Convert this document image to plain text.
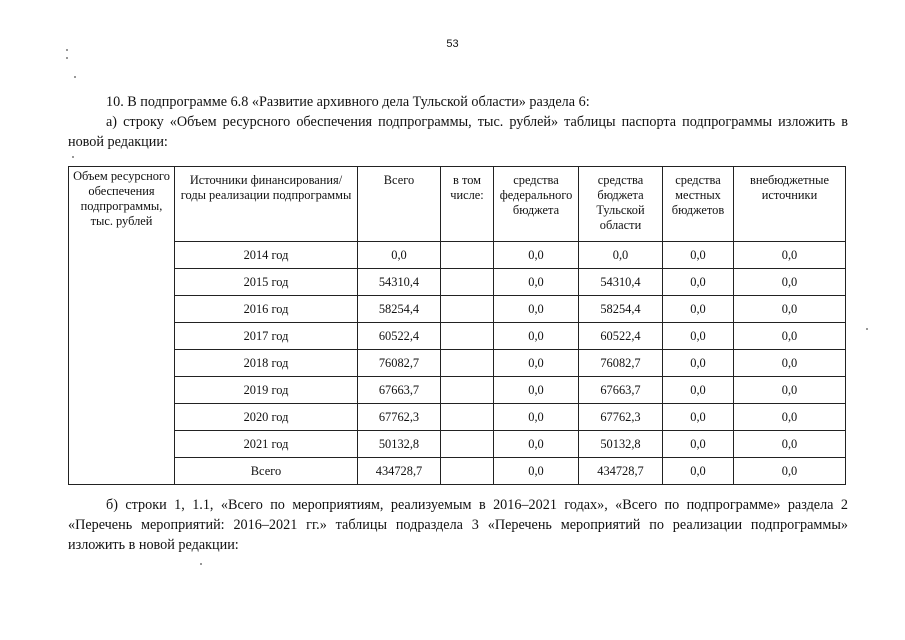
53

10. В подпрограмме 6.8 «Развитие архивного дела Тульской области» раздела 6:

а) строку «Объем ресурсного обеспечения подпрограммы, тыс. рублей» таблицы паспорта подпрограммы изложить в новой редакции:

Объем ресурсного обеспечения подпрограммы, тыс. рублей	Источники финансирования/годы реализации подпрограммы	Всего	в том числе:	средства федерального бюджета	средства бюджета Тульской области	средства местных бюджетов	внебюджетные источники
	2014 год	0,0		0,0	0,0	0,0	0,0
	2015 год	54310,4		0,0	54310,4	0,0	0,0
	2016 год	58254,4		0,0	58254,4	0,0	0,0
	2017 год	60522,4		0,0	60522,4	0,0	0,0
	2018 год	76082,7		0,0	76082,7	0,0	0,0
	2019 год	67663,7		0,0	67663,7	0,0	0,0
	2020 год	67762,3		0,0	67762,3	0,0	0,0
	2021 год	50132,8		0,0	50132,8	0,0	0,0
	Всего	434728,7		0,0	434728,7	0,0	0,0

б) строки 1, 1.1, «Всего по мероприятиям, реализуемым в 2016–2021 годах», «Всего по подпрограмме» раздела 2 «Перечень мероприятий: 2016–2021 гг.» таблицы подраздела 3 «Перечень мероприятий по реализации подпрограммы» изложить в новой редакции:
